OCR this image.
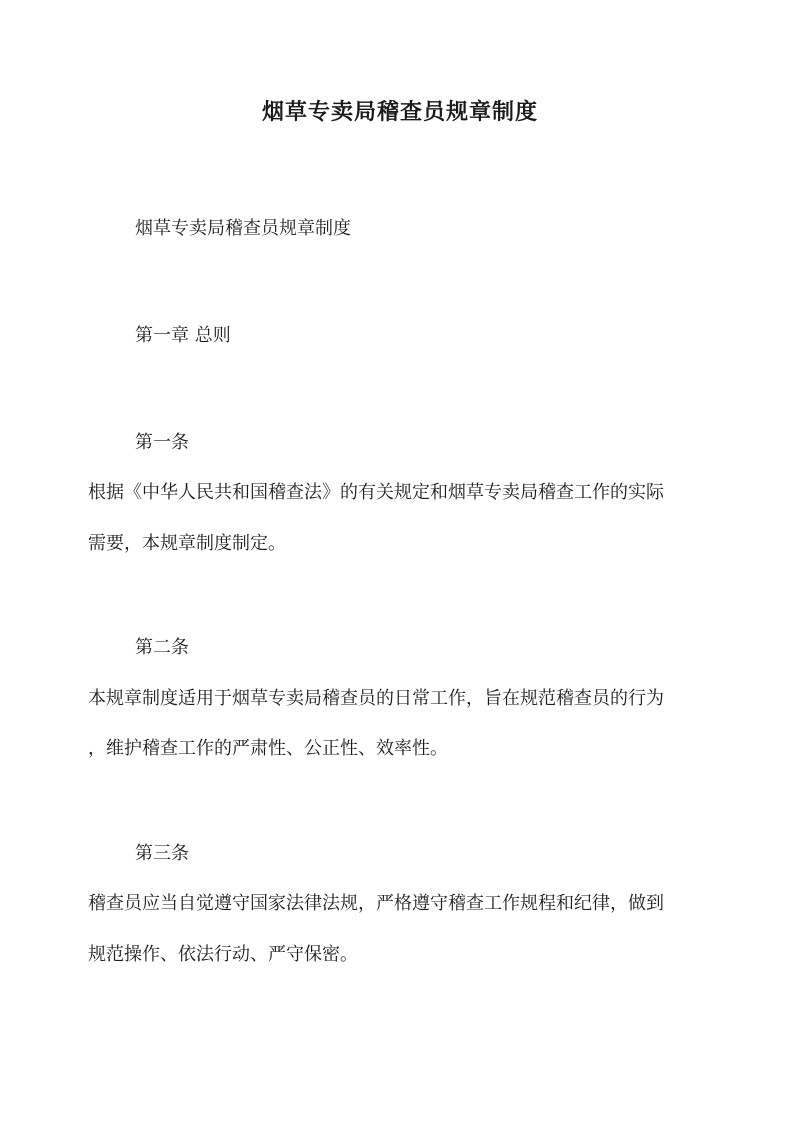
烟草专卖局稽查员规章制度
烟草专卖局稽查员规章制度
第一章 总则
第一条
根据《中华人民共和国稽查法》的有关规定和烟草专卖局稽查工作的实际
需要，本规章制度制定。
第二条
本规章制度适用于烟草专卖局稽查员的日常工作，旨在规范稽查员的行为
，维护稽查工作的严肃性、公正性、效率性。
第三条
稽查员应当自觉遵守国家法律法规，严格遵守稽查工作规程和纪律，做到
规范操作、依法行动、严守保密。
